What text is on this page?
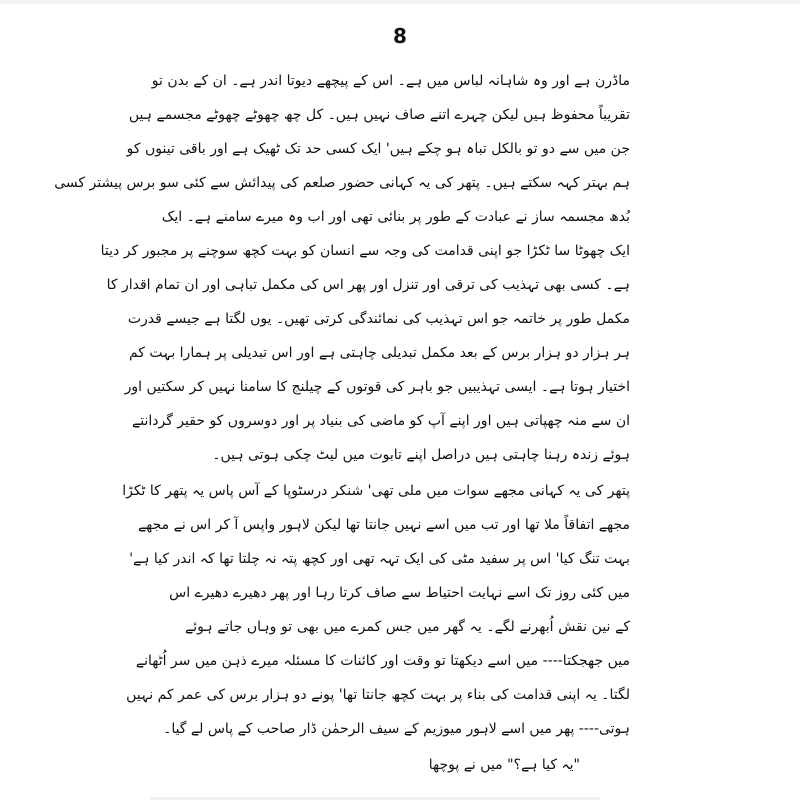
8
ماڈرن ہے اور وہ شاہانہ لباس میں ہے۔ اس کے پیچھے دیوتا اندر ہے۔ ان کے بدن تو
تقریباً محفوظ ہیں لیکن چہرے اتنے صاف نہیں ہیں۔ کل چھ چھوٹے چھوٹے مجسمے ہیں
جن میں سے دو تو بالکل تباہ ہو چکے ہیں' ایک کسی حد تک ٹھیک ہے اور باقی تینوں کو
ہم بہتر کہہ سکتے ہیں۔ پتھر کی یہ کہانی حضور صلعم کی پیدائش سے کئی سو برس پیشتر کسی
بُدھ مجسمہ ساز نے عبادت کے طور پر بنائی تھی اور اب وہ میرے سامنے ہے۔ ایک
ایک چھوٹا سا ٹکڑا جو اپنی قدامت کی وجہ سے انسان کو بہت کچھ سوچنے پر مجبور کر دیتا
ہے۔ کسی بھی تہذیب کی ترقی اور تنزل اور پھر اس کی مکمل تباہی اور ان تمام اقدار کا
مکمل طور پر خاتمہ جو اس تہذیب کی نمائندگی کرتی تھیں۔ یوں لگتا ہے جیسے قدرت
ہر ہزار دو ہزار برس کے بعد مکمل تبدیلی چاہتی ہے اور اس تبدیلی پر ہمارا بہت کم
اختیار ہوتا ہے۔ ایسی تہذیبیں جو باہر کی قوتوں کے چیلنج کا سامنا نہیں کر سکتیں اور
ان سے منہ چھپاتی ہیں اور اپنے آپ کو ماضی کی بنیاد پر اور دوسروں کو حقیر گردانتے
ہوئے زندہ رہنا چاہتی ہیں دراصل اپنے تابوت میں لیٹ چکی ہوتی ہیں۔
پتھر کی یہ کہانی مجھے سوات میں ملی تھی' شنکر درسٹوپا کے آس پاس یہ پتھر کا ٹکڑا
مجھے اتفاقاً ملا تھا اور تب میں اسے نہیں جانتا تھا لیکن لاہور واپس آ کر اس نے مجھے
بہت تنگ کیا' اس پر سفید مٹی کی ایک تہہ تھی اور کچھ پتہ نہ چلتا تھا کہ اندر کیا ہے'
میں کئی روز تک اسے نہایت احتیاط سے صاف کرتا رہا اور پھر دھیرے دھیرے اس
کے نین نقش اُبھرنے لگے۔ یہ گھر میں جس کمرے میں بھی تو وہاں جاتے ہوئے
میں جھجکتا---- میں اسے دیکھتا تو وقت اور کائنات کا مسئلہ میرے ذہن میں سر اُٹھانے
لگتا۔ یہ اپنی قدامت کی بناء پر بہت کچھ جانتا تھا' پونے دو ہزار برس کی عمر کم نہیں
ہوتی---- پھر میں اسے لاہور میوزیم کے سیف الرحمٰن ڈار صاحب کے پاس لے گیا۔
"یہ کیا ہے؟" میں نے پوچھا
